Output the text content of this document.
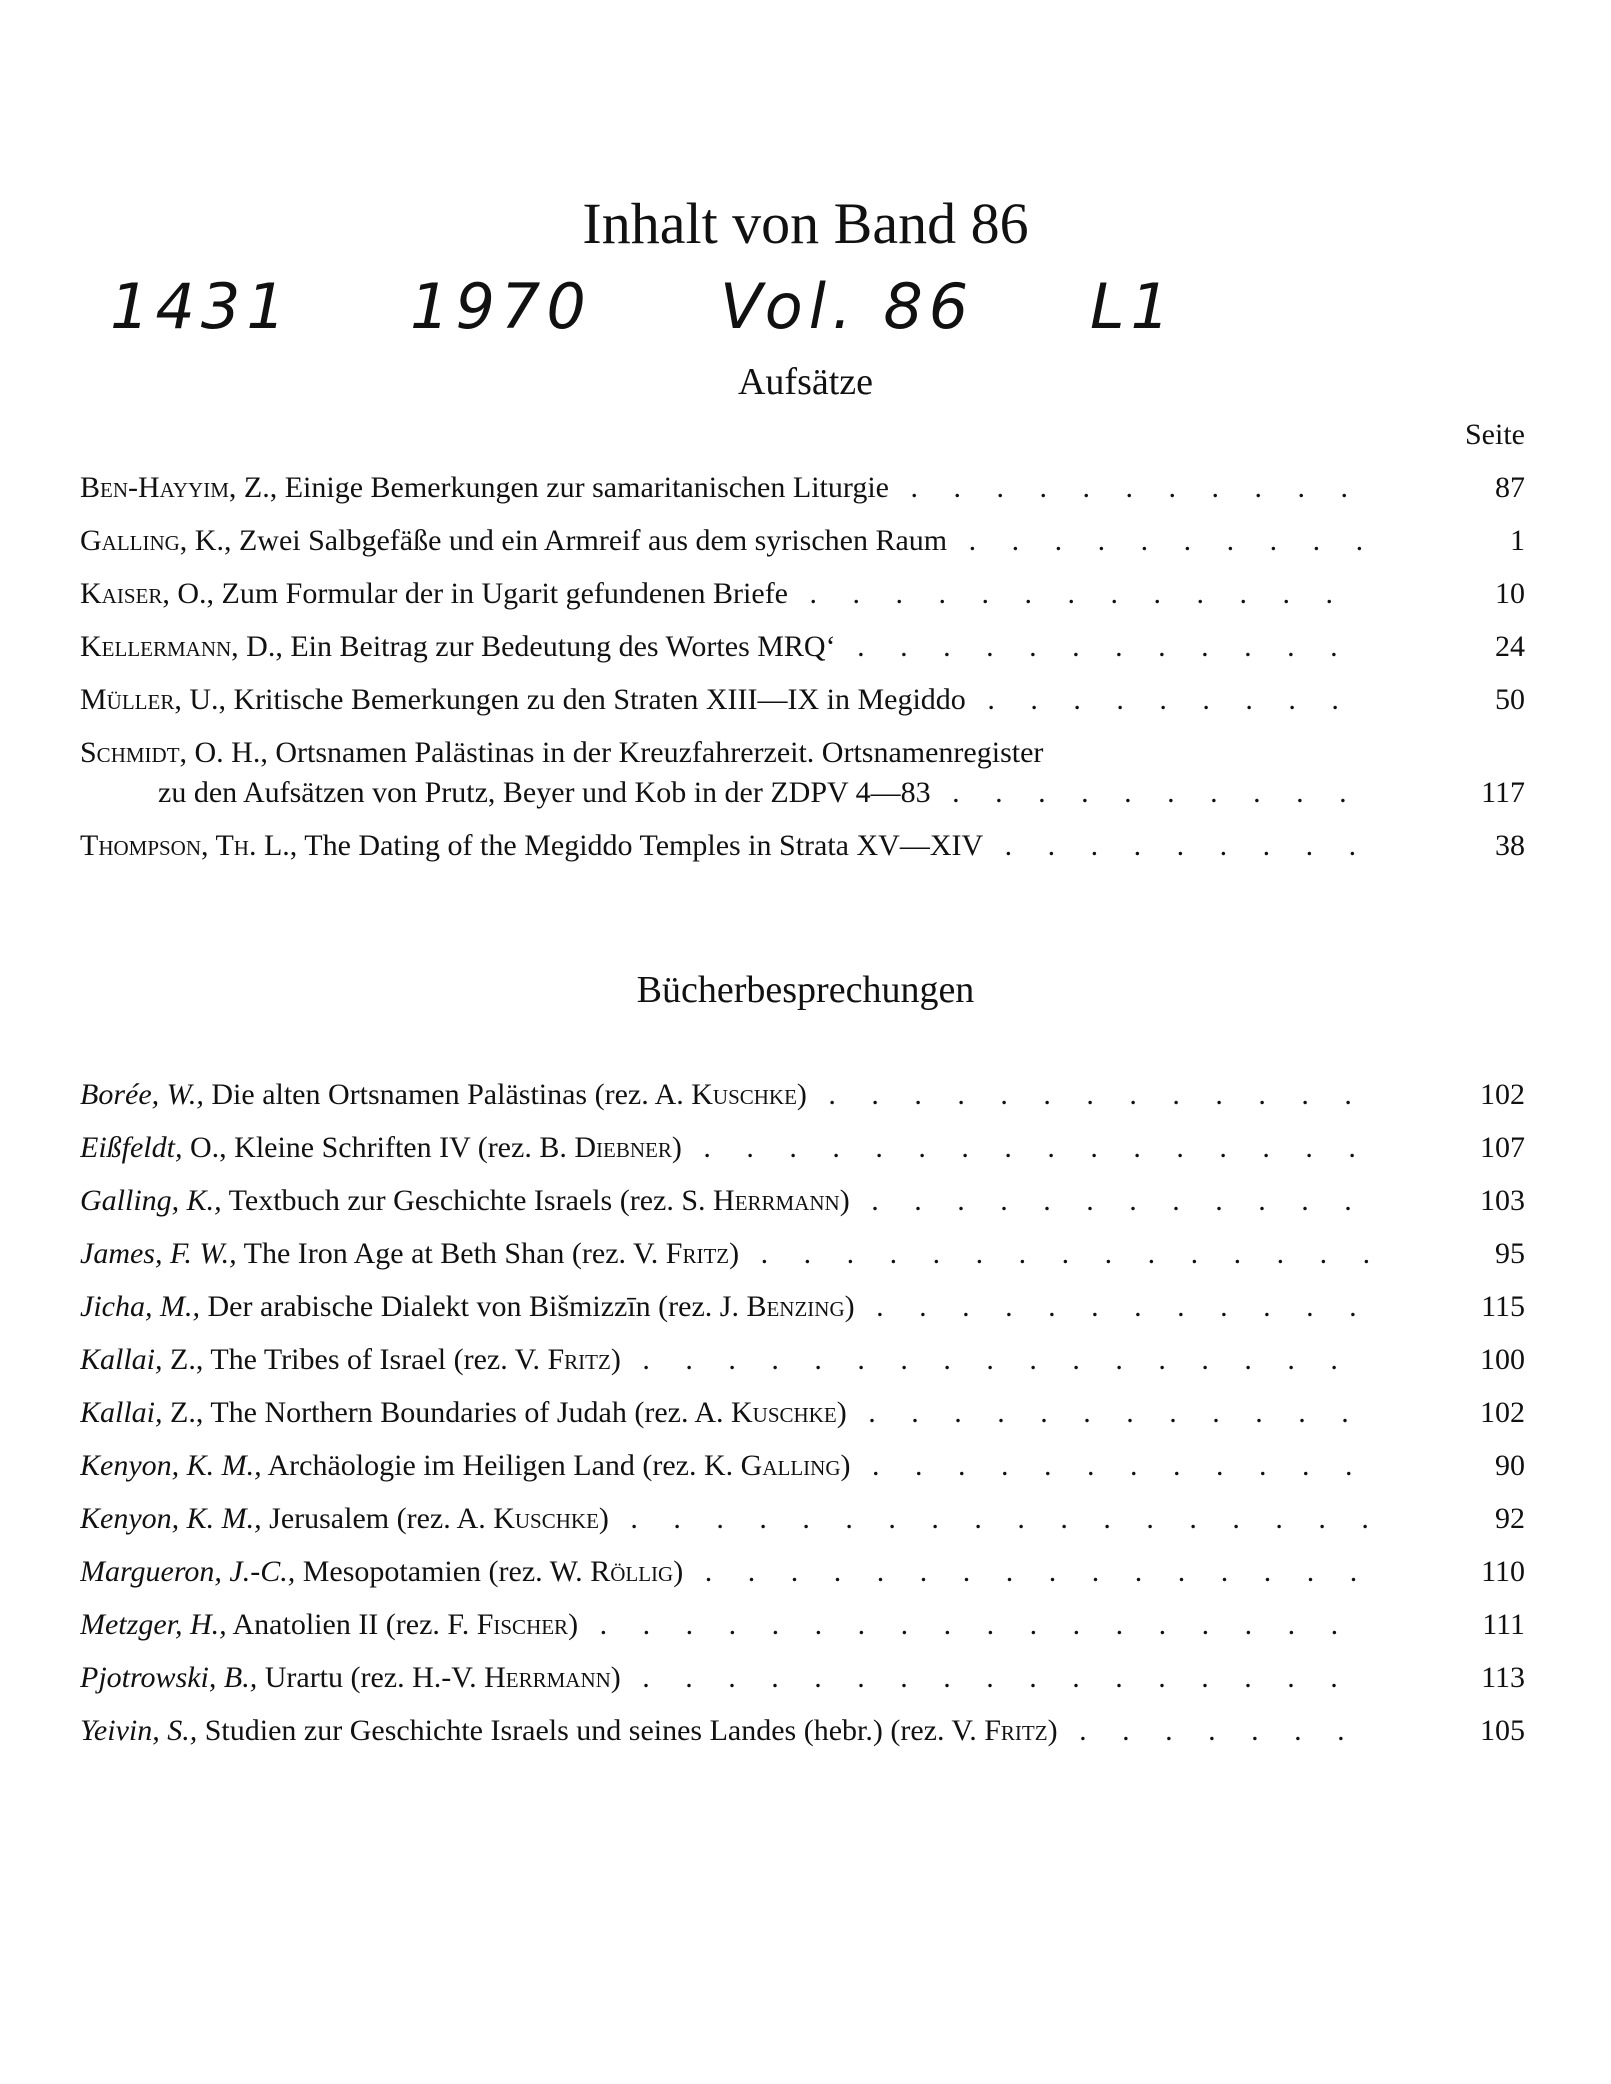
Inhalt von Band 86
1431 1970 Vol. 86 L1
Aufsätze
Seite
Ben-Hayyim, Z., Einige Bemerkungen zur samaritanischen Liturgie . . .	87
Galling, K., Zwei Salbgefäße und ein Armreif aus dem syrischen Raum . . .	1
Kaiser, O., Zum Formular der in Ugarit gefundenen Briefe . . .	10
Kellermann, D., Ein Beitrag zur Bedeutung des Wortes MRQ‘ . . .	24
Müller, U., Kritische Bemerkungen zu den Straten XIII—IX in Megiddo . . .	50
Schmidt, O. H., Ortsnamen Palästinas in der Kreuzfahrerzeit. Ortsnamenregister
zu den Aufsätzen von Prutz, Beyer und Kob in der ZDPV 4—83 . . .	117
Thompson, Th. L., The Dating of the Megiddo Temples in Strata XV—XIV . . .	38
Bücherbesprechungen
Borée, W., Die alten Ortsnamen Palästinas (rez. A. Kuschke) . . .	102
Eißfeldt, O., Kleine Schriften IV (rez. B. Diebner) . . .	107
Galling, K., Textbuch zur Geschichte Israels (rez. S. Herrmann) . . .	103
James, F. W., The Iron Age at Beth Shan (rez. V. Fritz) . . .	95
Jicha, M., Der arabische Dialekt von Bišmizzīn (rez. J. Benzing) . . .	115
Kallai, Z., The Tribes of Israel (rez. V. Fritz) . . .	100
Kallai, Z., The Northern Boundaries of Judah (rez. A. Kuschke) . . .	102
Kenyon, K. M., Archäologie im Heiligen Land (rez. K. Galling) . . .	90
Kenyon, K. M., Jerusalem (rez. A. Kuschke) . . .	92
Margueron, J.-C., Mesopotamien (rez. W. Röllig) . . .	110
Metzger, H., Anatolien II (rez. F. Fischer) . . .	111
Pjotrowski, B., Urartu (rez. H.-V. Herrmann) . . .	113
Yeivin, S., Studien zur Geschichte Israels und seines Landes (hebr.) (rez. V. Fritz) . . .	105
